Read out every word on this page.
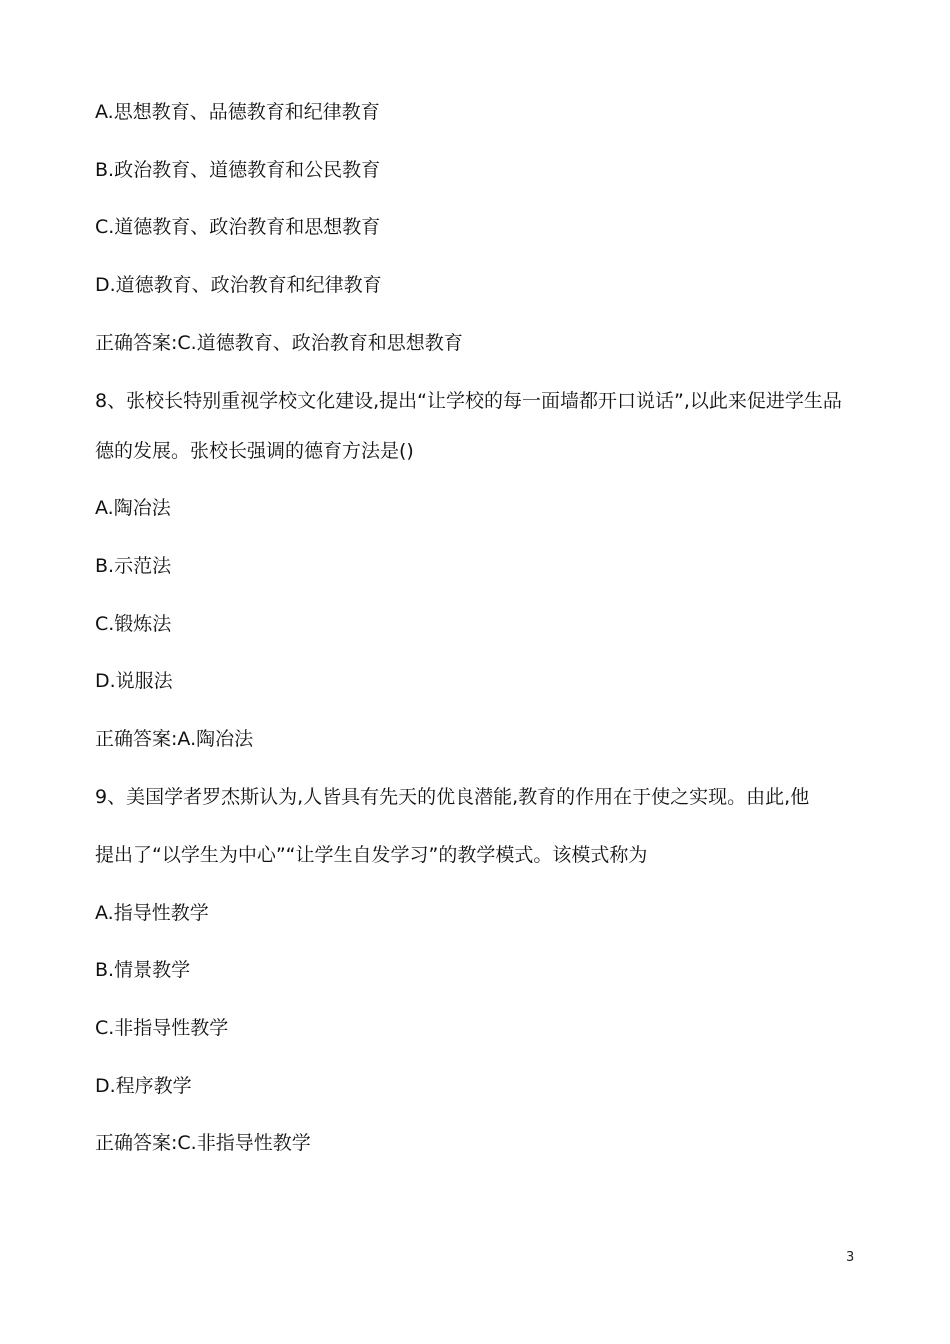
A.思想教育、品德教育和纪律教育
B.政治教育、道德教育和公民教育
C.道德教育、政治教育和思想教育
D.道德教育、政治教育和纪律教育
正确答案:C.道德教育、政治教育和思想教育
8、张校长特别重视学校文化建设,提出“让学校的每一面墙都开口说话”,以此来促进学生品
德的发展。张校长强调的德育方法是()
A.陶冶法
B.示范法
C.锻炼法
D.说服法
正确答案:A.陶冶法
9、美国学者罗杰斯认为,人皆具有先天的优良潜能,教育的作用在于使之实现。由此,他
提出了“以学生为中心”“让学生自发学习”的教学模式。该模式称为
A.指导性教学
B.情景教学
C.非指导性教学
D.程序教学
正确答案:C.非指导性教学
3
